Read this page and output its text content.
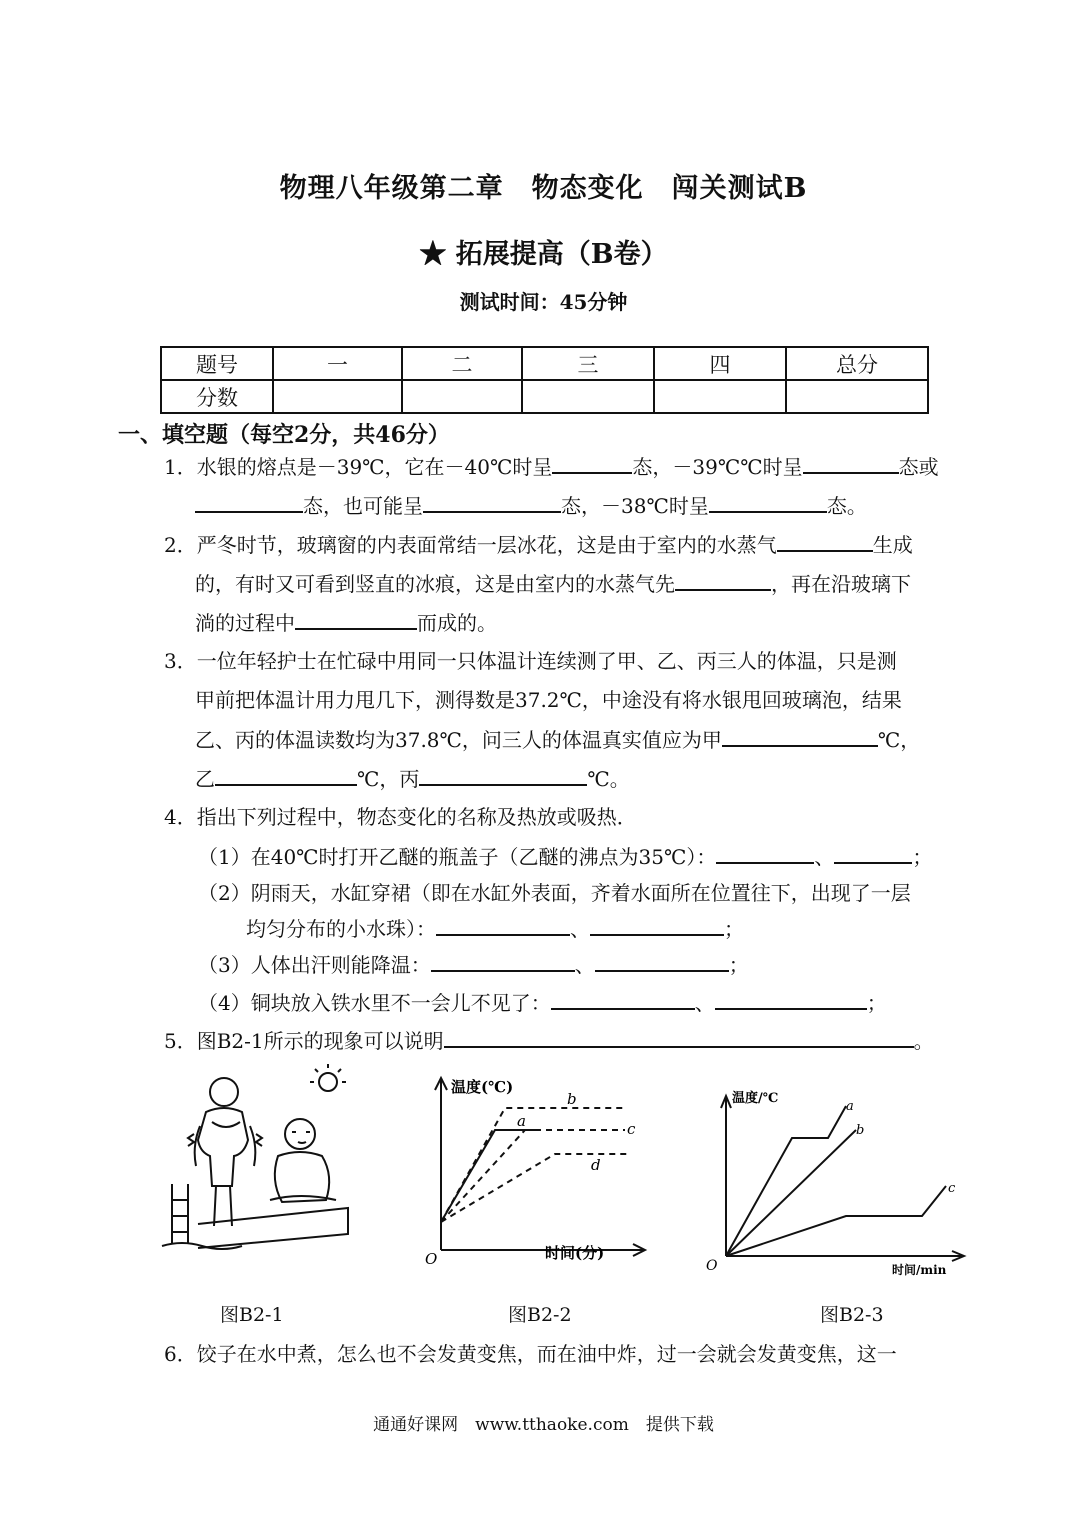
物理八年级第二章　物态变化　闯关测试B
★ 拓展提高（B卷）
测试时间：45分钟
题号	一	二	三	四	总分
分数					
一、填空题（每空2分，共46分）
1．水银的熔点是－39℃，它在－40℃时呈	态，－39℃℃时呈	态或
态，也可能呈	态，－38℃时呈	态。
2．严冬时节，玻璃窗的内表面常结一层冰花，这是由于室内的水蒸气	生成
的，有时又可看到竖直的冰痕，这是由室内的水蒸气先	，再在沿玻璃下
淌的过程中	而成的。
3．一位年轻护士在忙碌中用同一只体温计连续测了甲、乙、丙三人的体温，只是测
甲前把体温计用力甩几下，测得数是37.2℃，中途没有将水银甩回玻璃泡，结果
乙、丙的体温读数均为37.8℃，问三人的体温真实值应为甲	℃，
乙	℃，丙	℃。
4．指出下列过程中，物态变化的名称及热放或吸热．
（1）在40℃时打开乙醚的瓶盖子（乙醚的沸点为35℃）：	、	；
（2）阴雨天，水缸穿裙（即在水缸外表面，齐着水面所在位置往下，出现了一层
均匀分布的小水珠）：	、	；
（3）人体出汗则能降温：	、	；
（4）铜块放入铁水里不一会儿不见了：	、	；
5．图B2-1所示的现象可以说明	。
温度(℃)
时间(分)
O
b
a	c
d
温度/℃
时间/min
O
a
b
c
图B2-1	图B2-2	图B2-3
6．饺子在水中煮，怎么也不会发黄变焦，而在油中炸，过一会就会发黄变焦，这一
通通好课网　www.tthaoke.com　提供下载
